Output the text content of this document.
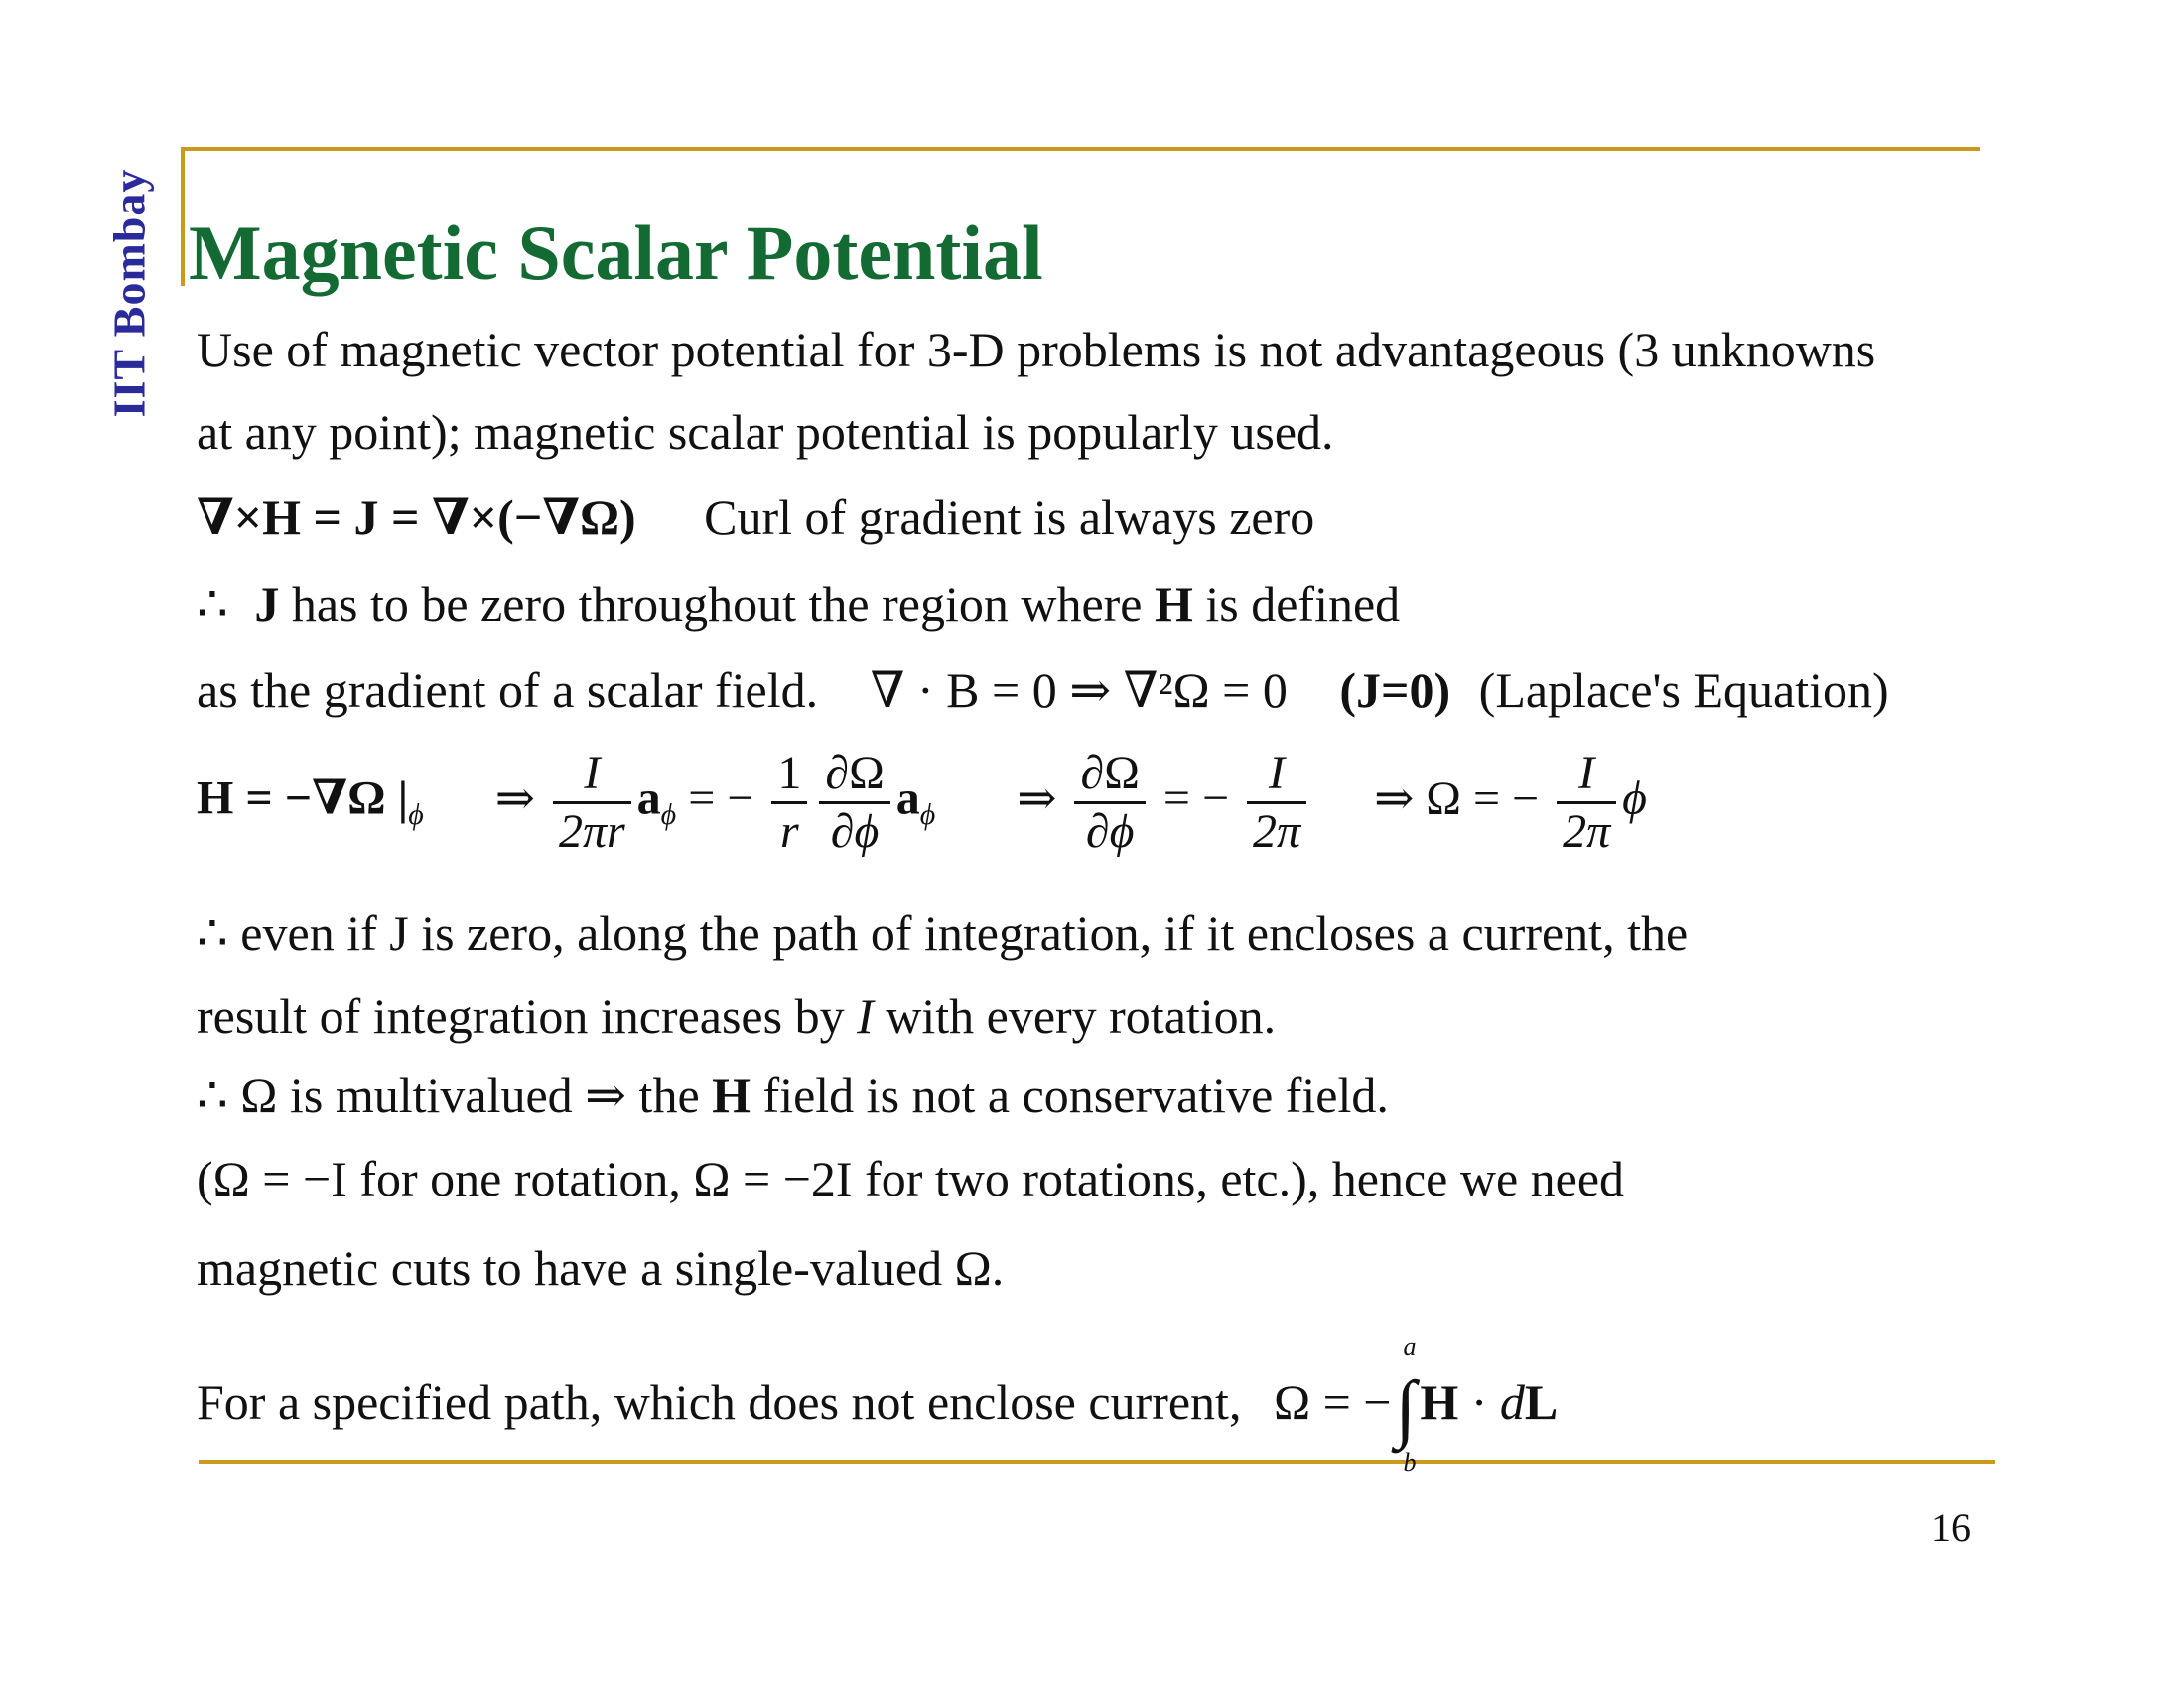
IIT Bombay Magnetic Scalar Potential
Use of magnetic vector potential for 3-D problems is not advantageous (3 unknowns
at any point); magnetic scalar potential is popularly used.
∇×H = J = ∇×(−∇Ω) Curl of gradient is always zero
∴ J has to be zero throughout the region where H is defined
as the gradient of a scalar field. ∇ · B = 0 ⇒ ∇²Ω = 0 (J=0) (Laplace's Equation)
H = −∇Ω $|_\phi$ ⇒ $\frac{I}{2\pi r} a_\phi$ = − $\frac{1}{r} \frac{\partial\Omega}{\partial\phi} a_\phi$ ⇒ $\frac{\partial\Omega}{\partial\phi}$ = − $\frac{I}{2\pi}$ ⇒ Ω = − $\frac{I}{2\pi}$ ϕ
∴ even if J is zero, along the path of integration, if it encloses a current, the
result of integration increases by I with every rotation.
∴ Ω is multivalued ⇒ the H field is not a conservative field.
(Ω = −I for one rotation, Ω = −2I for two rotations, etc.), hence we need
magnetic cuts to have a single-valued Ω.
For a specified path, which does not enclose current, Ω = −
a
∫
b
H · dL
16
